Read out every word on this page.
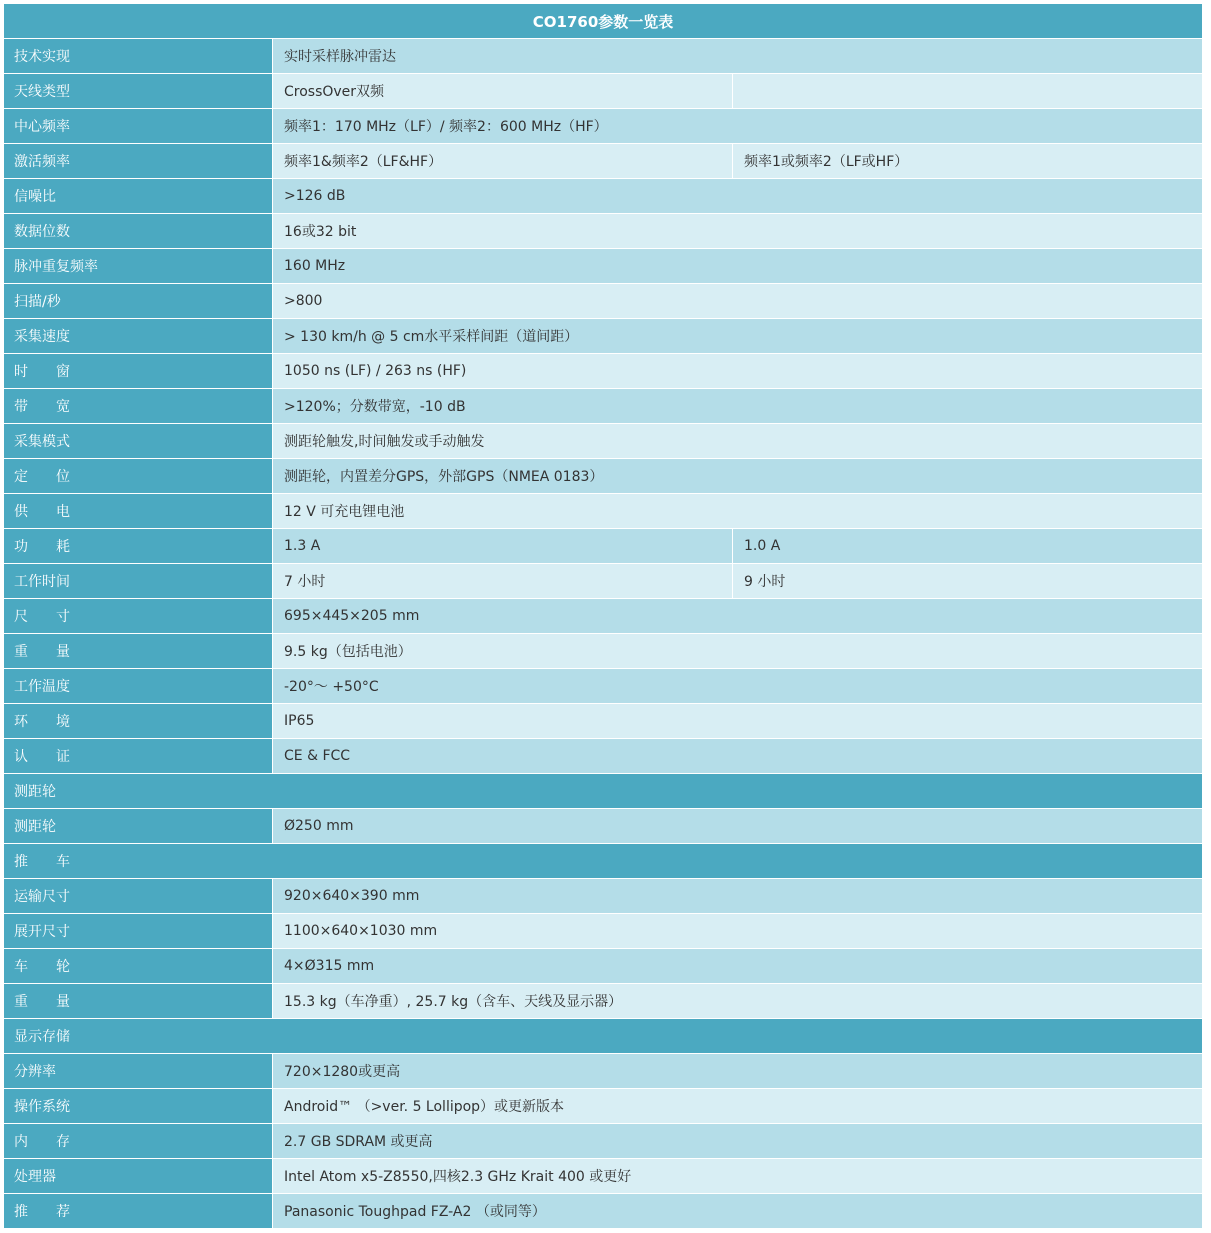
CO1760参数一览表		
技术实现	实时采样脉冲雷达	
天线类型	CrossOver双频	
中心频率	频率1：170 MHz（LF）/ 频率2：600 MHz（HF）	
激活频率	频率1&频率2（LF&HF）	频率1或频率2（LF或HF）
信噪比	>126 dB	
数据位数	16或32 bit	
脉冲重复频率	160 MHz	
扫描/秒	>800	
采集速度	> 130 km/h @ 5 cm水平采样间距（道间距）	
时　　窗	1050 ns (LF) / 263 ns (HF)	
带　　宽	>120%；分数带宽，-10 dB	
采集模式	测距轮触发,时间触发或手动触发	
定　　位	测距轮，内置差分GPS，外部GPS（NMEA 0183）	
供　　电	12 V 可充电锂电池	
功　　耗	1.3 A	1.0 A
工作时间	7 小时	9 小时
尺　　寸	695×445×205 mm	
重　　量	9.5 kg（包括电池）	
工作温度	-20°～ +50°C	
环　　境	IP65	
认　　证	CE & FCC	
测距轮		
测距轮	Ø250 mm	
推　　车		
运输尺寸	920×640×390 mm	
展开尺寸	1100×640×1030 mm	
车　　轮	4×Ø315 mm	
重　　量	15.3 kg（车净重）, 25.7 kg（含车、天线及显示器）	
显示存储		
分辨率	720×1280或更高	
操作系统	Android™ （>ver. 5 Lollipop）或更新版本	
内　　存	2.7 GB SDRAM 或更高	
处理器	Intel Atom x5-Z8550,四核2.3 GHz Krait 400 或更好	
推　　荐	Panasonic Toughpad FZ-A2 （或同等）	
